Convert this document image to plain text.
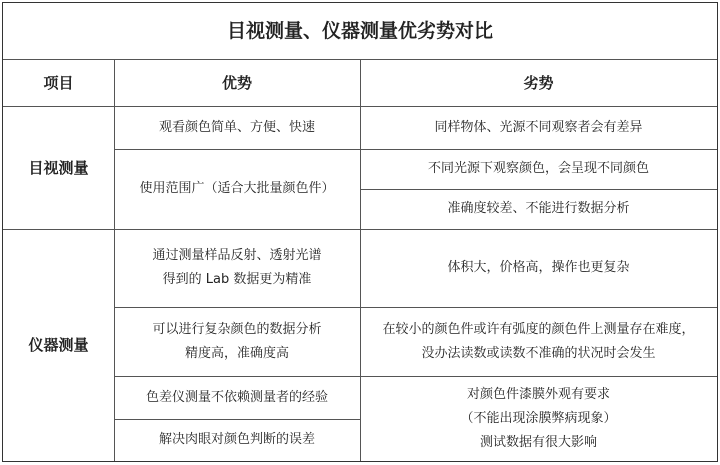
目视测量、仪器测量优劣势对比
项目	优势	劣势
目视测量
观看颜色简单、方便、快速
使用范围广（适合大批量颜色件）
同样物体、光源不同观察者会有差异
不同光源下观察颜色，会呈现不同颜色
准确度较差、不能进行数据分析
仪器测量
通过测量样品反射、透射光谱
得到的 Lab 数据更为精准
可以进行复杂颜色的数据分析
精度高，准确度高
色差仪测量不依赖测量者的经验
解决肉眼对颜色判断的误差
体积大，价格高，操作也更复杂
在较小的颜色件或许有弧度的颜色件上测量存在难度，
没办法读数或读数不准确的状况时会发生
对颜色件漆膜外观有要求
（不能出现涂膜弊病现象）
测试数据有很大影响
